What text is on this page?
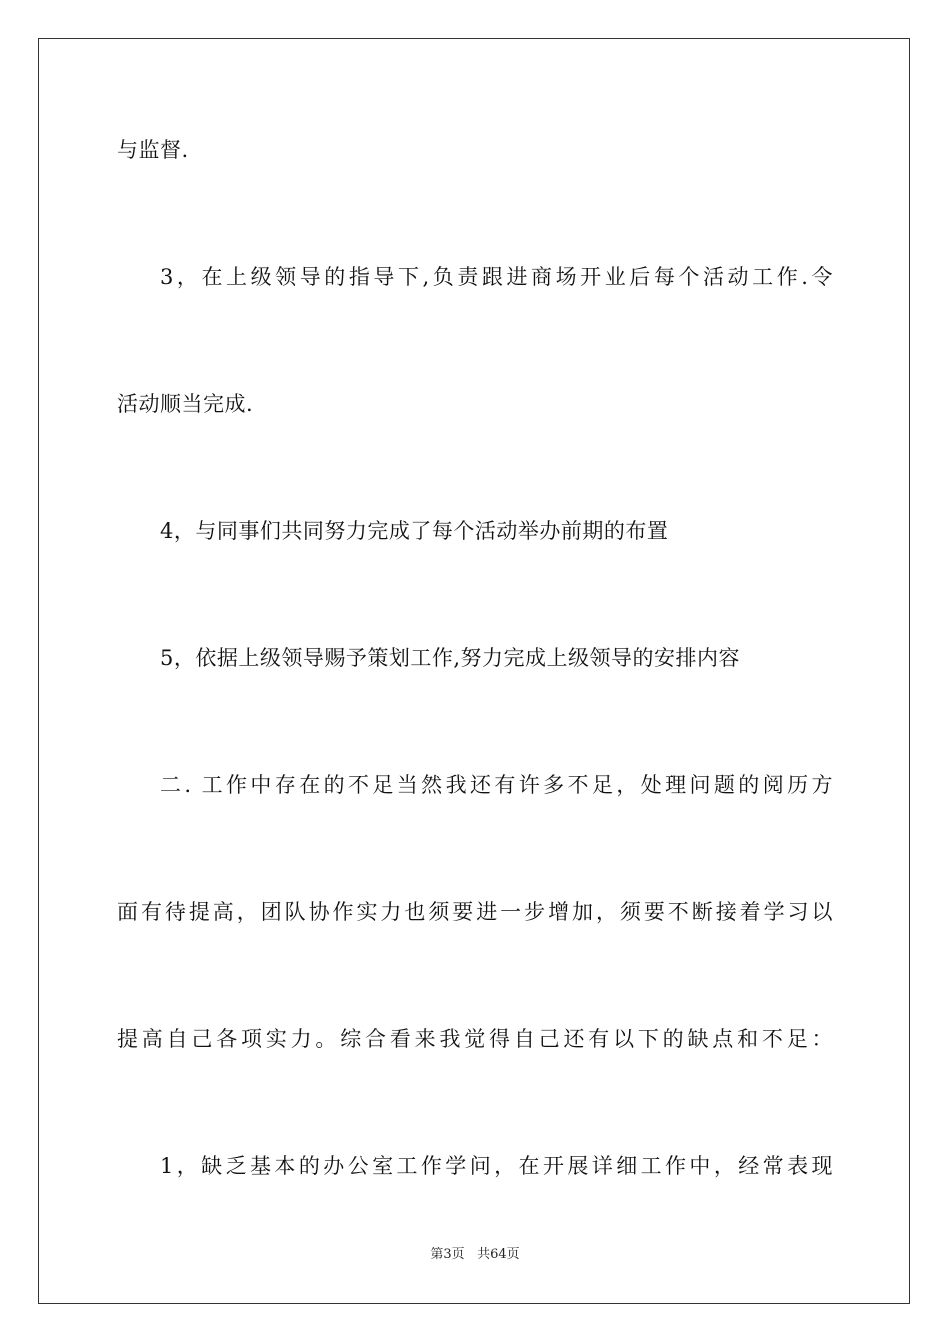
与监督.
3，在上级领导的指导下,负责跟进商场开业后每个活动工作.令
活动顺当完成.
4，与同事们共同努力完成了每个活动举办前期的布置
5，依据上级领导赐予策划工作,努力完成上级领导的安排内容
二. 工作中存在的不足当然我还有许多不足，处理问题的阅历方
面有待提高，团队协作实力也须要进一步增加，须要不断接着学习以
提高自己各项实力。综合看来我觉得自己还有以下的缺点和不足：
1，缺乏基本的办公室工作学问，在开展详细工作中，经常表现
第3页 共64页
